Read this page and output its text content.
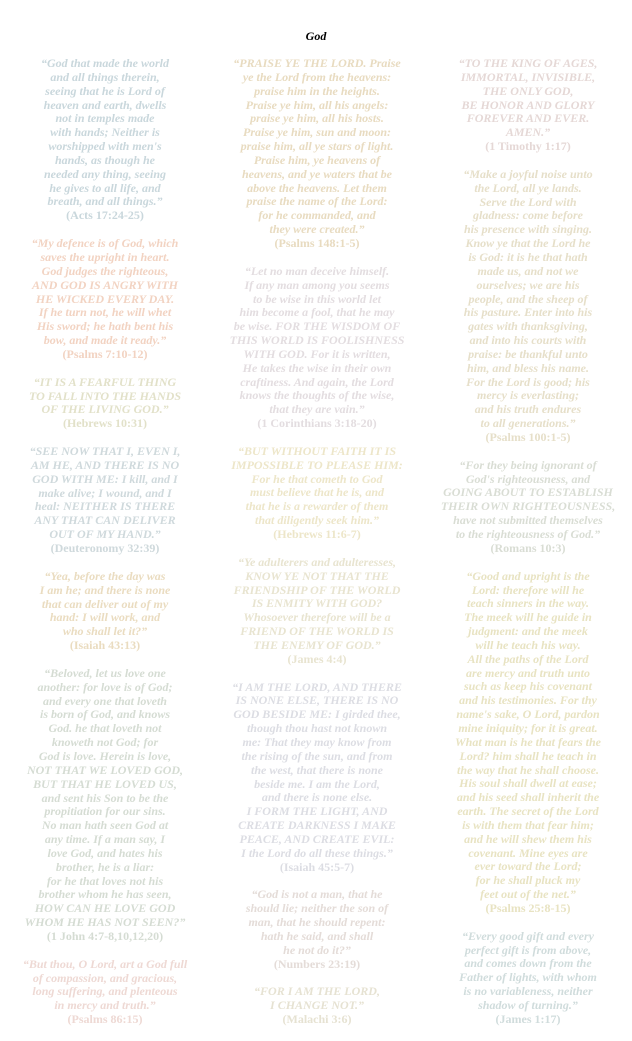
God
“God that made the world
and all things therein,
seeing that he is Lord of
heaven and earth, dwells
not in temples made
with hands; Neither is
worshipped with men's
hands, as though he
needed any thing, seeing
he gives to all life, and
breath, and all things.”
(Acts 17:24-25)
“My defence is of God, which
saves the upright in heart.
God judges the righteous,
AND GOD IS ANGRY WITH
HE WICKED EVERY DAY.
If he turn not, he will whet
His sword; he hath bent his
bow, and made it ready.”
(Psalms 7:10-12)
“IT IS A FEARFUL THING
TO FALL INTO THE HANDS
OF THE LIVING GOD.”
(Hebrews 10:31)
“SEE NOW THAT I, EVEN I,
AM HE, AND THERE IS NO
GOD WITH ME: I kill, and I
make alive; I wound, and I
heal: NEITHER IS THERE
ANY THAT CAN DELIVER
OUT OF MY HAND.”
(Deuteronomy 32:39)
“Yea, before the day was
I am he; and there is none
that can deliver out of my
hand: I will work, and
who shall let it?”
(Isaiah 43:13)
“Beloved, let us love one
another: for love is of God;
and every one that loveth
is born of God, and knows
God. he that loveth not
knoweth not God; for
God is love. Herein is love,
NOT THAT WE LOVED GOD,
BUT THAT HE LOVED US,
and sent his Son to be the
propitiation for our sins.
No man hath seen God at
any time. If a man say, I
love God, and hates his
brother, he is a liar:
for he that loves not his
brother whom he has seen,
HOW CAN HE LOVE GOD
WHOM HE HAS NOT SEEN?”
(1 John 4:7-8,10,12,20)
“But thou, O Lord, art a God full
of compassion, and gracious,
long suffering, and plenteous
in mercy and truth.”
(Psalms 86:15)
“PRAISE YE THE LORD. Praise
ye the Lord from the heavens:
praise him in the heights.
Praise ye him, all his angels:
praise ye him, all his hosts.
Praise ye him, sun and moon:
praise him, all ye stars of light.
Praise him, ye heavens of
heavens, and ye waters that be
above the heavens. Let them
praise the name of the Lord:
for he commanded, and
they were created.”
(Psalms 148:1-5)
“Let no man deceive himself.
If any man among you seems
to be wise in this world let
him become a fool, that he may
be wise. FOR THE WISDOM OF
THIS WORLD IS FOOLISHNESS
WITH GOD. For it is written,
He takes the wise in their own
craftiness. And again, the Lord
knows the thoughts of the wise,
that they are vain.”
(1 Corinthians 3:18-20)
“BUT WITHOUT FAITH IT IS
IMPOSSIBLE TO PLEASE HIM:
For he that cometh to God
must believe that he is, and
that he is a rewarder of them
that diligently seek him.”
(Hebrews 11:6-7)
“Ye adulterers and adulteresses,
KNOW YE NOT THAT THE
FRIENDSHIP OF THE WORLD
IS ENMITY WITH GOD?
Whosoever therefore will be a
FRIEND OF THE WORLD IS
THE ENEMY OF GOD.”
(James 4:4)
“I AM THE LORD, AND THERE
IS NONE ELSE, THERE IS NO
GOD BESIDE ME: I girded thee,
though thou hast not known
me: That they may know from
the rising of the sun, and from
the west, that there is none
beside me. I am the Lord,
and there is none else.
I FORM THE LIGHT, AND
CREATE DARKNESS I MAKE
PEACE, AND CREATE EVIL:
I the Lord do all these things.”
(Isaiah 45:5-7)
“God is not a man, that he
should lie; neither the son of
man, that he should repent:
hath he said, and shall
he not do it?”
(Numbers 23:19)
“FOR I AM THE LORD,
I CHANGE NOT.”
(Malachi 3:6)
“TO THE KING OF AGES,
IMMORTAL, INVISIBLE,
THE ONLY GOD,
BE HONOR AND GLORY
FOREVER AND EVER.
AMEN.”
(1 Timothy 1:17)
“Make a joyful noise unto
the Lord, all ye lands.
Serve the Lord with
gladness: come before
his presence with singing.
Know ye that the Lord he
is God: it is he that hath
made us, and not we
ourselves; we are his
people, and the sheep of
his pasture. Enter into his
gates with thanksgiving,
and into his courts with
praise: be thankful unto
him, and bless his name.
For the Lord is good; his
mercy is everlasting;
and his truth endures
to all generations.”
(Psalms 100:1-5)
“For they being ignorant of
God's righteousness, and
GOING ABOUT TO ESTABLISH
THEIR OWN RIGHTEOUSNESS,
have not submitted themselves
to the righteousness of God.”
(Romans 10:3)
“Good and upright is the
Lord: therefore will he
teach sinners in the way.
The meek will he guide in
judgment: and the meek
will he teach his way.
All the paths of the Lord
are mercy and truth unto
such as keep his covenant
and his testimonies. For thy
name's sake, O Lord, pardon
mine iniquity; for it is great.
What man is he that fears the
Lord? him shall he teach in
the way that he shall choose.
His soul shall dwell at ease;
and his seed shall inherit the
earth. The secret of the Lord
is with them that fear him;
and he will shew them his
covenant. Mine eyes are
ever toward the Lord;
for he shall pluck my
feet out of the net.”
(Psalms 25:8-15)
“Every good gift and every
perfect gift is from above,
and comes down from the
Father of lights, with whom
is no variableness, neither
shadow of turning.”
(James 1:17)
